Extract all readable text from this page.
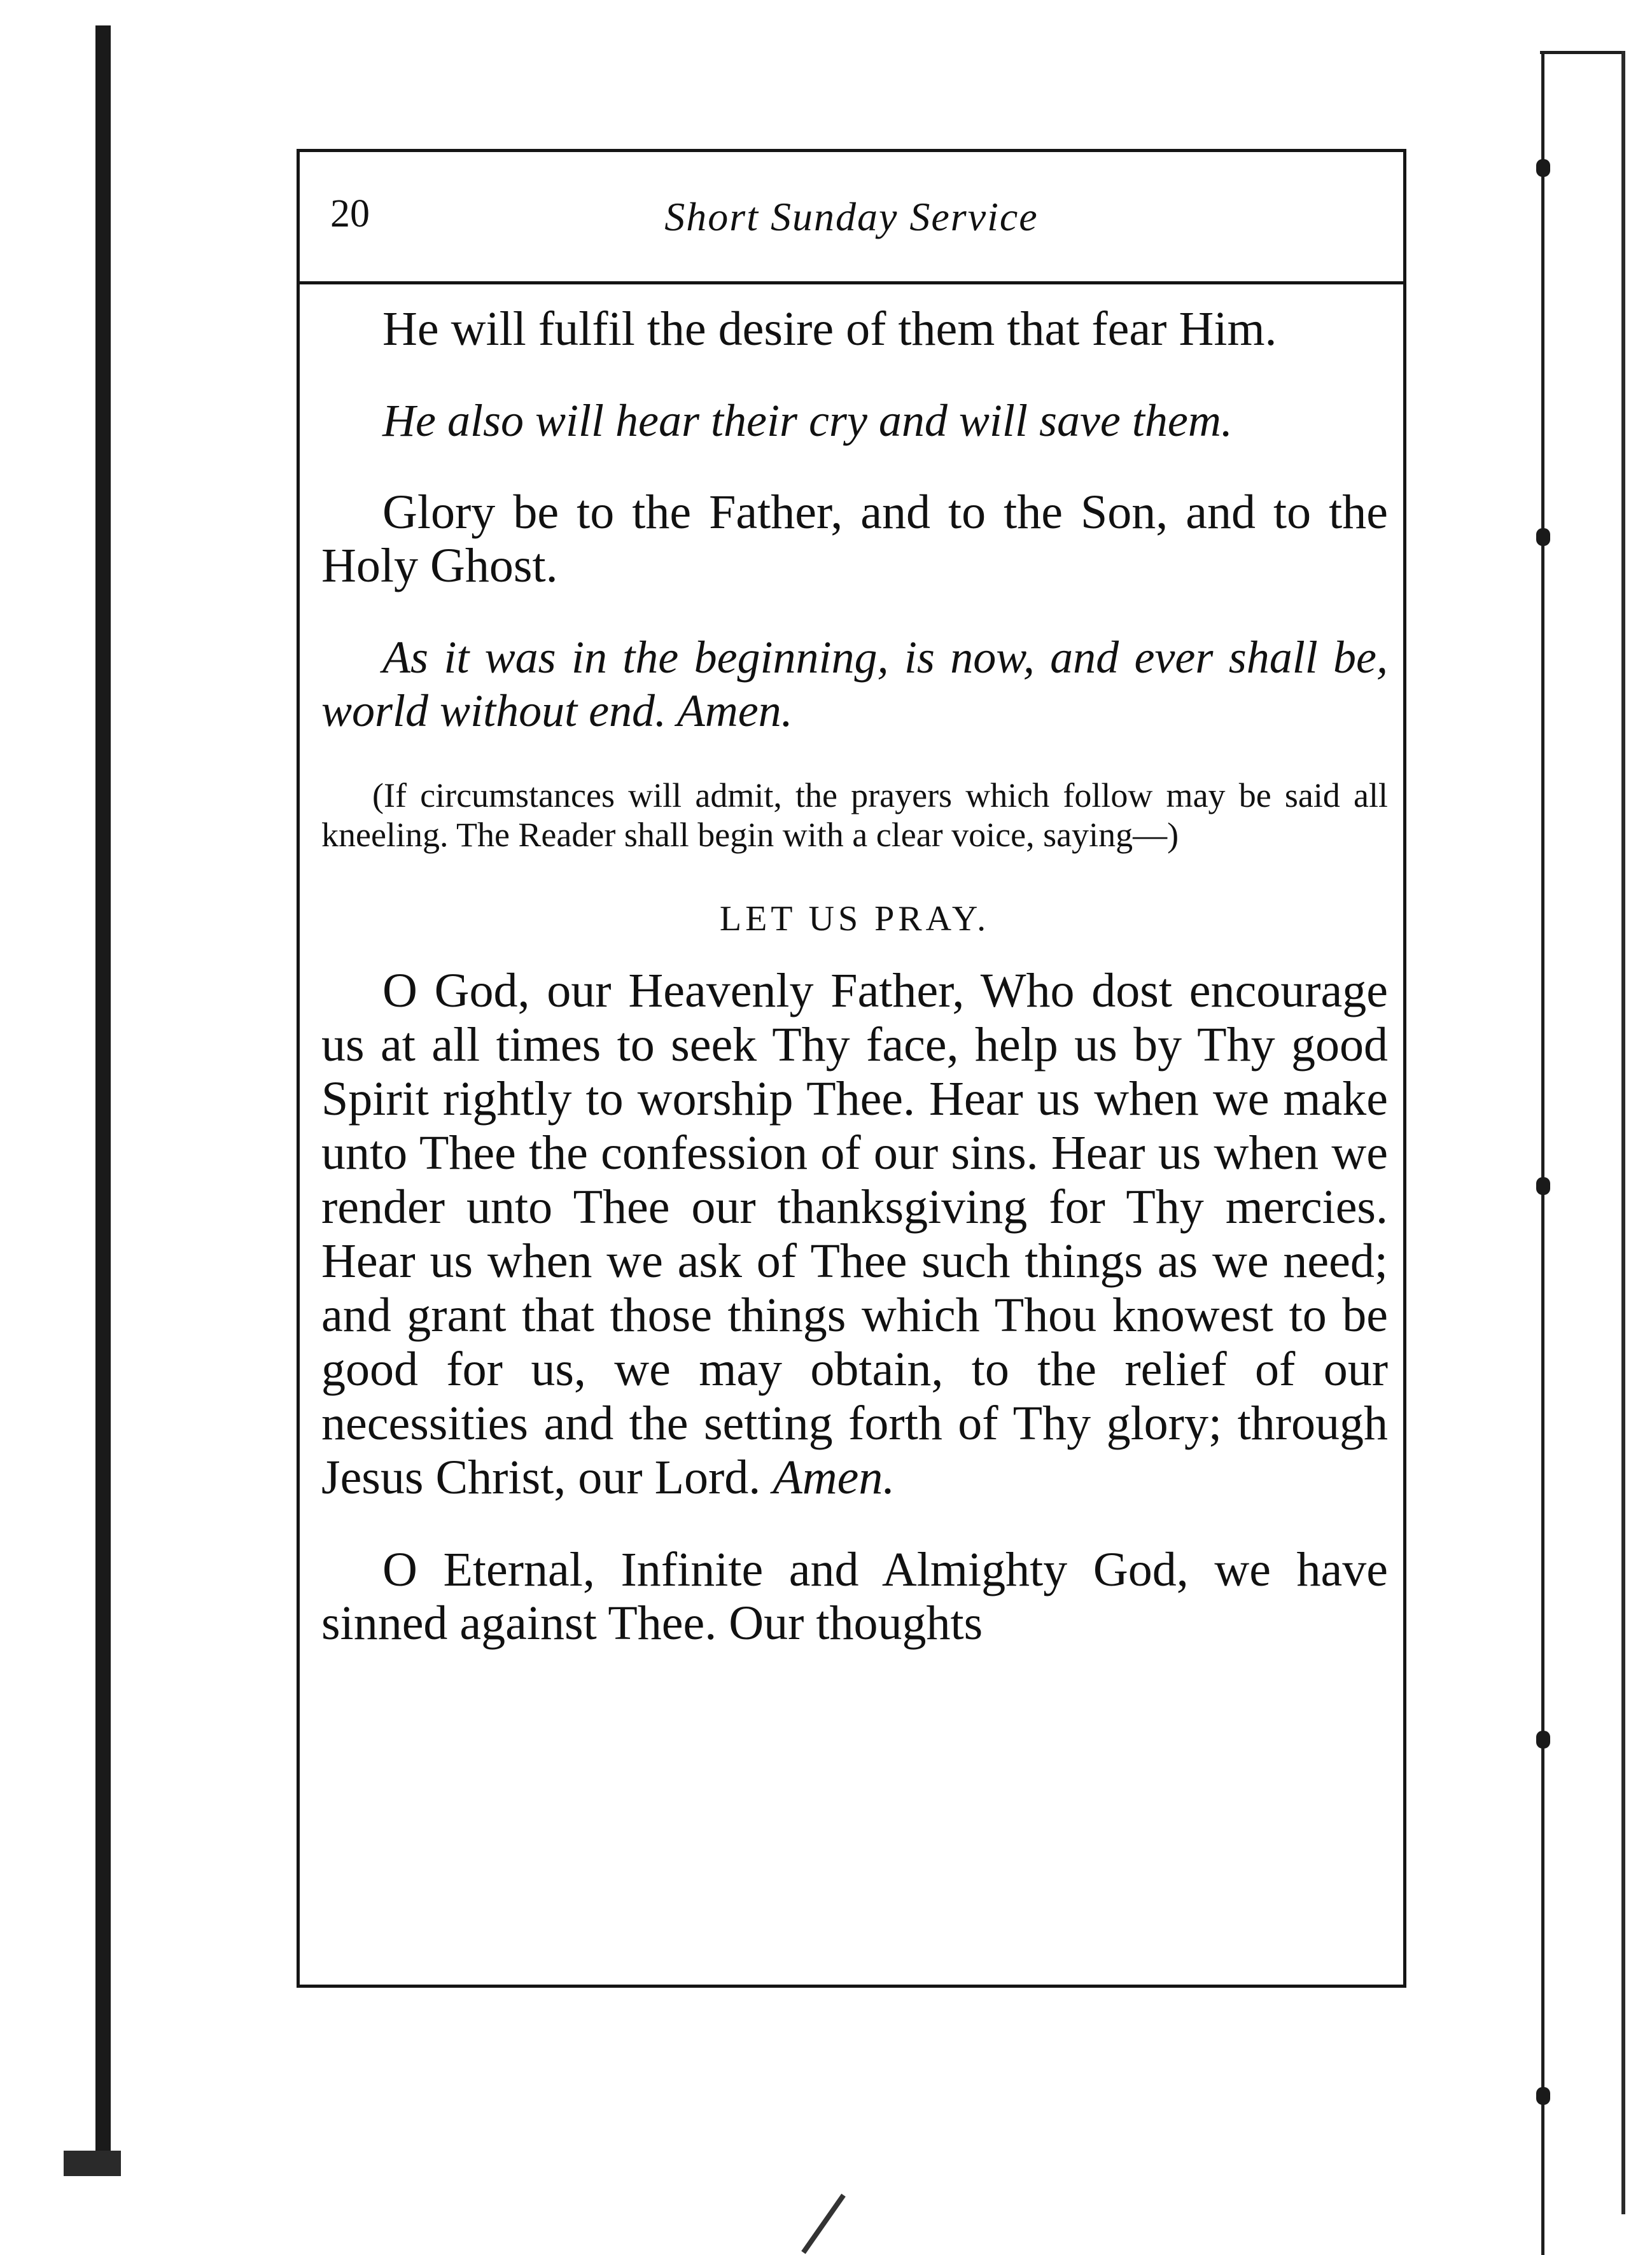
20	Short Sunday Service

He will fulfil the desire of them that fear Him.

He also will hear their cry and will save them.

Glory be to the Father, and to the Son, and to the Holy Ghost.

As it was in the beginning, is now, and ever shall be, world without end. Amen.

(If circumstances will admit, the prayers which follow may be said all kneeling. The Reader shall begin with a clear voice, saying—)

LET US PRAY.

O God, our Heavenly Father, Who dost encourage us at all times to seek Thy face, help us by Thy good Spirit rightly to worship Thee. Hear us when we make unto Thee the confession of our sins. Hear us when we render unto Thee our thanksgiving for Thy mercies. Hear us when we ask of Thee such things as we need; and grant that those things which Thou knowest to be good for us, we may obtain, to the relief of our necessities and the setting forth of Thy glory; through Jesus Christ, our Lord. Amen.

O Eternal, Infinite and Almighty God, we have sinned against Thee. Our thoughts
